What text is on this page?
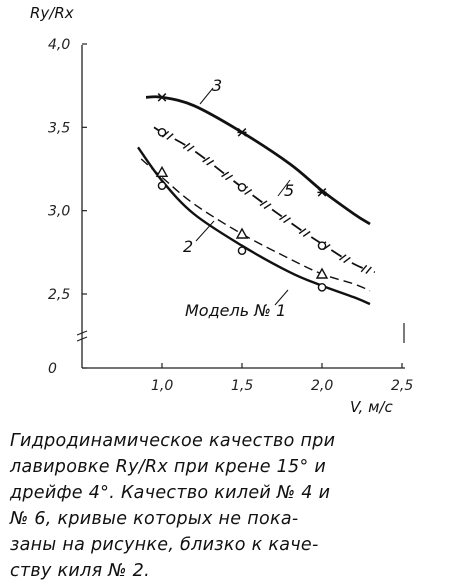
0
2,5
3,0
3,5
4,0
1,0	1,5	2,0	2,5
Ry/Rx
V, м/с
3
5
2
Модель № 1
Гидродинамическое качество при
лавировке Ry/Rx при крене 15° и
дрейфе 4°. Качество килей № 4 и
№ 6, кривые которых не пока-
заны на рисунке, близко к каче-
ству киля № 2.
